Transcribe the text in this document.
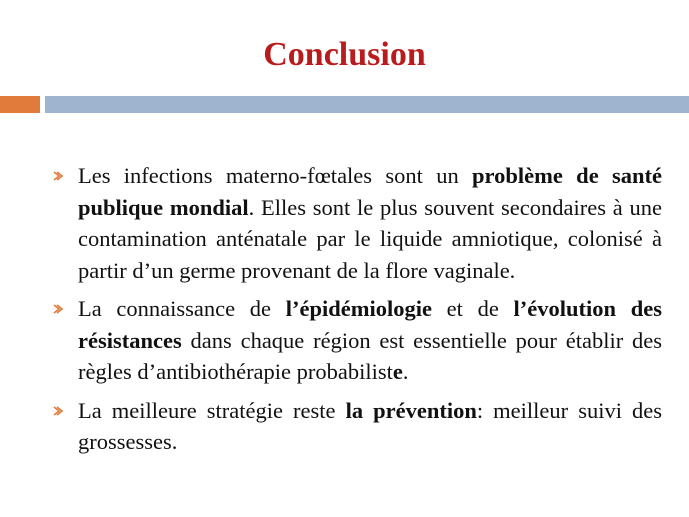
Conclusion
Les infections materno-fœtales sont un problème de santé publique mondial. Elles sont le plus souvent secondaires à une contamination anténatale par le liquide amniotique, colonisé à partir d’un germe provenant de la flore vaginale.
La connaissance de l’épidémiologie et de l’évolution des résistances dans chaque région est essentielle pour établir des règles d’antibiothérapie probabiliste.
La meilleure stratégie reste la prévention: meilleur suivi des grossesses.
